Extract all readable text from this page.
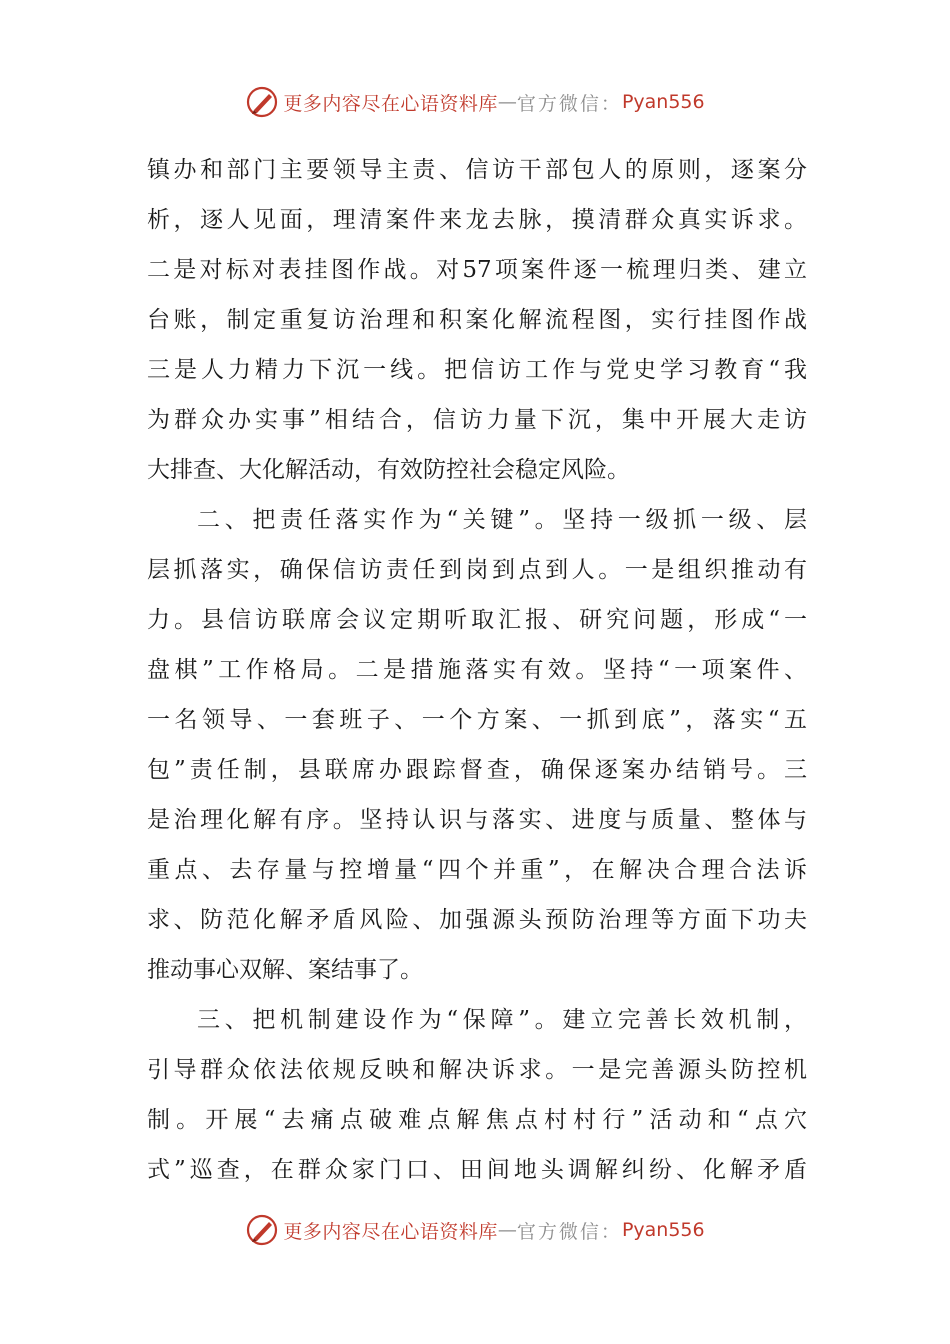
更多内容尽在心语资料库 — 官方微信： Pyan556
镇办和部门主要领导主责、信访干部包人的原则，逐案分
析，逐人见面，理清案件来龙去脉，摸清群众真实诉求。
二是对标对表挂图作战。对57项案件逐一梳理归类、建立
台账，制定重复访治理和积案化解流程图，实行挂图作战
三是人力精力下沉一线。把信访工作与党史学习教育“我
为群众办实事”相结合，信访力量下沉，集中开展大走访
大排查、大化解活动，有效防控社会稳定风险。
二、把责任落实作为“关键”。坚持一级抓一级、层
层抓落实，确保信访责任到岗到点到人。一是组织推动有
力。县信访联席会议定期听取汇报、研究问题，形成“一
盘棋”工作格局。二是措施落实有效。坚持“一项案件、
一名领导、一套班子、一个方案、一抓到底”，落实“五
包”责任制，县联席办跟踪督查，确保逐案办结销号。三
是治理化解有序。坚持认识与落实、进度与质量、整体与
重点、去存量与控增量“四个并重”，在解决合理合法诉
求、防范化解矛盾风险、加强源头预防治理等方面下功夫
推动事心双解、案结事了。
三、把机制建设作为“保障”。建立完善长效机制，
引导群众依法依规反映和解决诉求。一是完善源头防控机
制。开展“去痛点破难点解焦点村村行”活动和“点穴
式”巡查，在群众家门口、田间地头调解纠纷、化解矛盾
更多内容尽在心语资料库 — 官方微信： Pyan556
